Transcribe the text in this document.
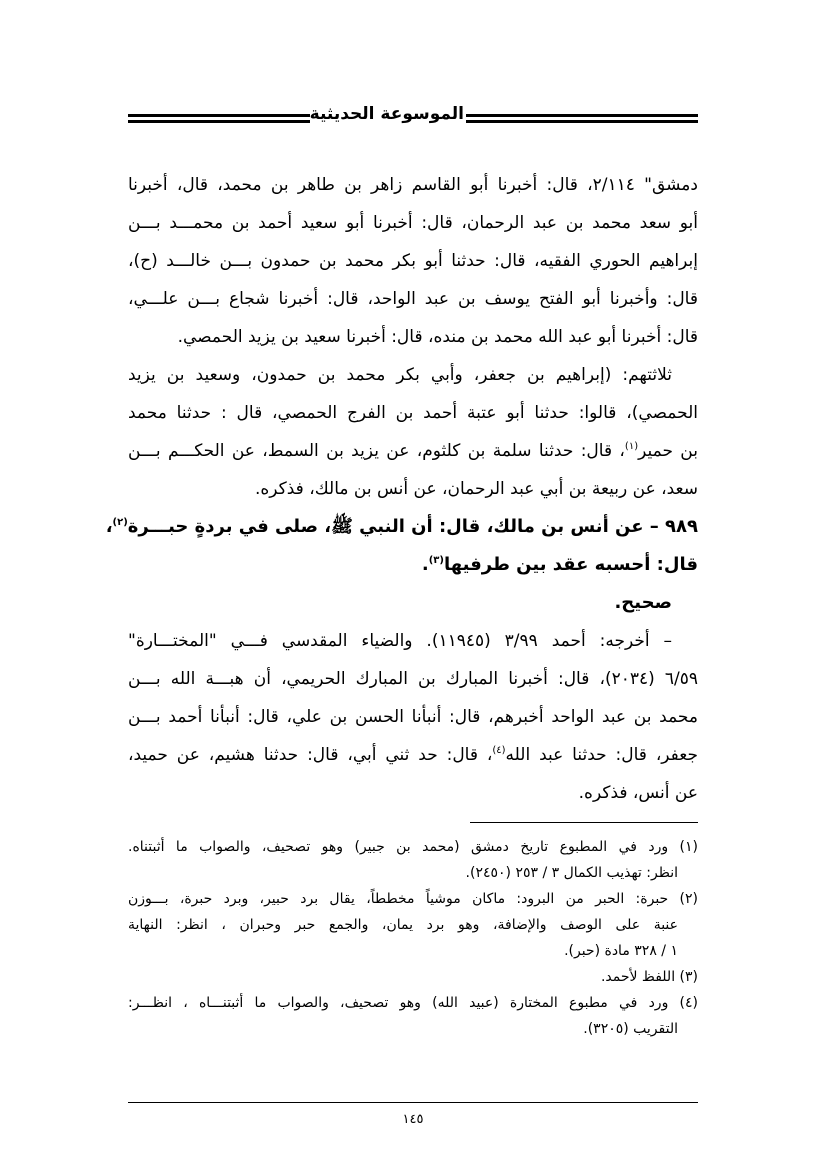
الموسوعة الحديثية
دمشق" ٢/١١٤، قال: أخبرنا أبو القاسم زاهر بن طاهر بن محمد، قال، أخبرنا
أبو سعد محمد بن عبد الرحمان، قال: أخبرنا أبو سعيد أحمد بن محمـــد بـــن
إبراهيم الحوري الفقيه، قال: حدثنا أبو بكر محمد بن حمدون بـــن خالـــد (ح)،
قال: وأخبرنا أبو الفتح يوسف بن عبد الواحد، قال: أخبرنا شجاع بـــن علـــي،
قال: أخبرنا أبو عبد الله محمد بن منده، قال: أخبرنا سعيد بن يزيد الحمصي.
ثلاثتهم: (إبراهيم بن جعفر، وأبي بكر محمد بن حمدون، وسعيد بن يزيد
الحمصي)، قالوا: حدثنا أبو عتبة أحمد بن الفرج الحمصي، قال : حدثنا محمد
بن حمير$^{(١)}$، قال: حدثنا سلمة بن كلثوم، عن يزيد بن السمط، عن الحكـــم بـــن
سعد، عن ربيعة بن أبي عبد الرحمان، عن أنس بن مالك، فذكره.
٩٨٩ – عن أنس بن مالك، قال: أن النبي ﷺ، صلى في بردةٍ حبـــرة$^{(٢)}$،
قال: أحسبه عقد بين طرفيها$^{(٣)}$.
صحيح.
– أخرجه: أحمد ٣/٩٩ (١١٩٤٥). والضياء المقدسي فـــي "المختـــارة"
٦/٥٩ (٢٠٣٤)، قال: أخبرنا المبارك بن المبارك الحريمي، أن هبـــة الله بـــن
محمد بن عبد الواحد أخبرهم، قال: أنبأنا الحسن بن علي، قال: أنبأنا أحمد بـــن
جعفر، قال: حدثنا عبد الله$^{(٤)}$، قال: حد ثني أبي، قال: حدثنا هشيم، عن حميد،
عن أنس، فذكره.
(١) ورد في المطبوع تاريخ دمشق (محمد بن جبير) وهو تصحيف، والصواب ما أثبتناه.
انظر: تهذيب الكمال ٣ / ٢٥٣ (٢٤٥٠).
(٢) حبرة: الحبر من البرود: ماكان موشياً مخططاً، يقال برد حبير، وبرد حبرة، بـــوزن
عنبة على الوصف والإضافة، وهو برد يمان، والجمع حبر وحبران ، انظر: النهاية
١ / ٣٢٨ مادة (حبر).
(٣) اللفظ لأحمد.
(٤) ورد في مطبوع المختارة (عبيد الله) وهو تصحيف، والصواب ما أثبتنـــاه ، انظـــر:
التقريب (٣٢٠٥).
١٤٥
